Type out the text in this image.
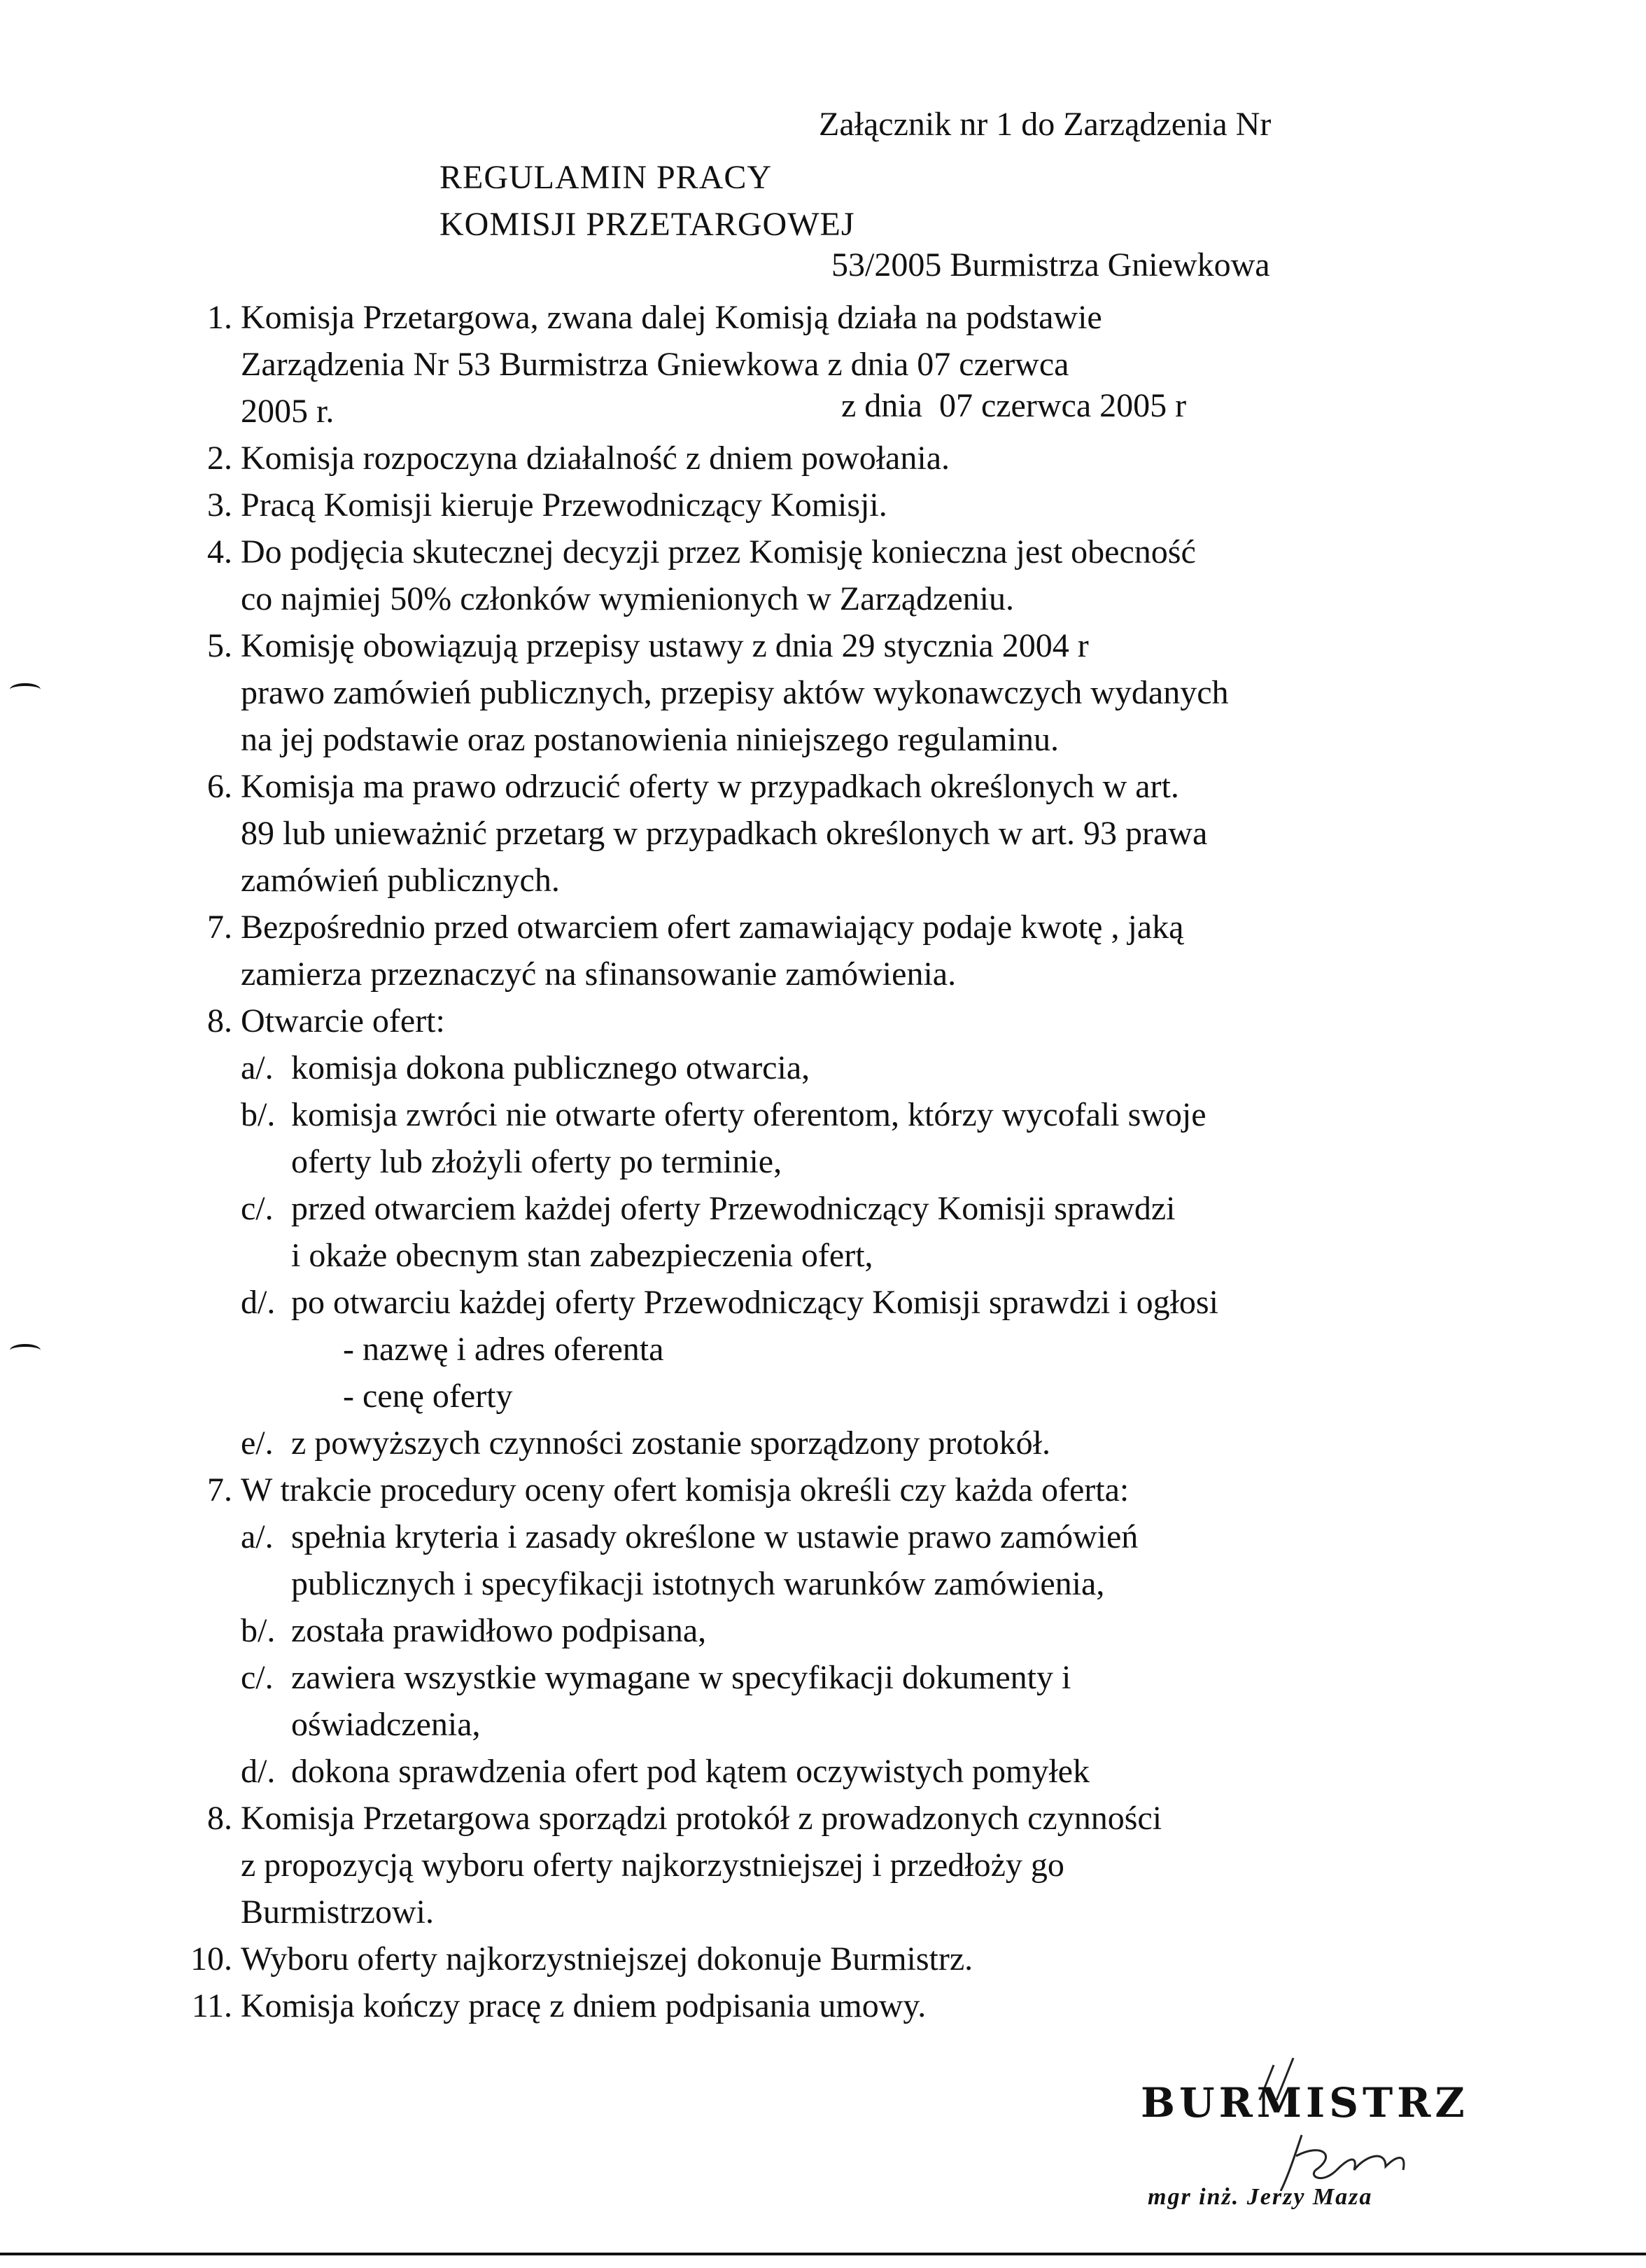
Załącznik nr 1 do Zarządzenia Nr

53/2005 Burmistrza Gniewkowa

z dnia  07 czerwca 2005 r

REGULAMIN PRACY
KOMISJI PRZETARGOWEJ
1. Komisja Przetargowa, zwana dalej Komisją działa na podstawie
Zarządzenia Nr 53 Burmistrza Gniewkowa z dnia 07 czerwca
2005 r.
2. Komisja rozpoczyna działalność z dniem powołania.
3. Pracą Komisji kieruje Przewodniczący Komisji.
4. Do podjęcia skutecznej decyzji przez Komisję konieczna jest obecność
co najmiej 50% członków wymienionych w Zarządzeniu.
5. Komisję obowiązują przepisy ustawy z dnia 29 stycznia 2004 r
prawo zamówień publicznych, przepisy aktów wykonawczych wydanych
na jej podstawie oraz postanowienia niniejszego regulaminu.
6. Komisja ma prawo odrzucić oferty w przypadkach określonych w art.
89 lub unieważnić przetarg w przypadkach określonych w art. 93 prawa
zamówień publicznych.
7. Bezpośrednio przed otwarciem ofert zamawiający podaje kwotę , jaką
zamierza przeznaczyć na sfinansowanie zamówienia.
8. Otwarcie ofert:
a/. komisja dokona publicznego otwarcia,
b/. komisja zwróci nie otwarte oferty oferentom, którzy wycofali swoje
oferty lub złożyli oferty po terminie,
c/. przed otwarciem każdej oferty Przewodniczący Komisji sprawdzi
i okaże obecnym stan zabezpieczenia ofert,
d/. po otwarciu każdej oferty Przewodniczący Komisji sprawdzi i ogłosi
- nazwę i adres oferenta
- cenę oferty
e/. z powyższych czynności zostanie sporządzony protokół.
7. W trakcie procedury oceny ofert komisja określi czy każda oferta:
a/. spełnia kryteria i zasady określone w ustawie prawo zamówień
publicznych i specyfikacji istotnych warunków zamówienia,
b/. została prawidłowo podpisana,
c/. zawiera wszystkie wymagane w specyfikacji dokumenty i
oświadczenia,
d/. dokona sprawdzenia ofert pod kątem oczywistych pomyłek
8. Komisja Przetargowa sporządzi protokół z prowadzonych czynności
z propozycją wyboru oferty najkorzystniejszej i przedłoży go
Burmistrzowi.
10. Wyboru oferty najkorzystniejszej dokonuje Burmistrz.
11. Komisja kończy pracę z dniem podpisania umowy.
BURMISTRZ
mgr inż. Jerzy Maza
